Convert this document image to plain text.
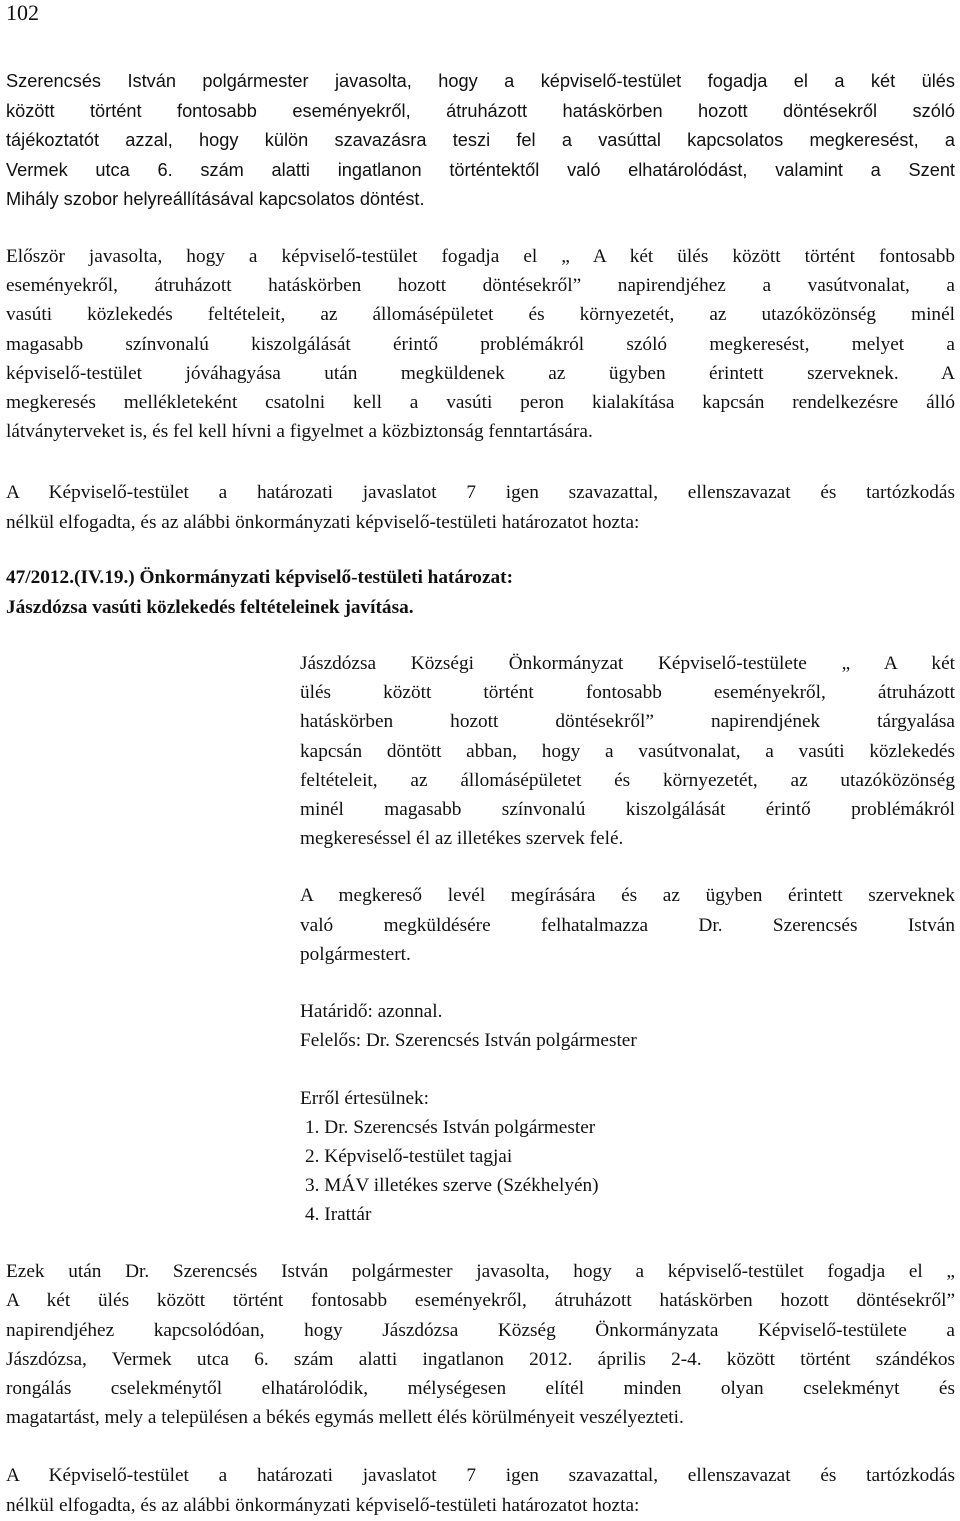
102
Szerencsés István polgármester javasolta, hogy a képviselő-testület fogadja el a két ülés
között történt fontosabb eseményekről, átruházott hatáskörben hozott döntésekről szóló
tájékoztatót azzal, hogy külön szavazásra teszi fel a vasúttal kapcsolatos megkeresést, a
Vermek utca 6. szám alatti ingatlanon történtektől való elhatárolódást, valamint a Szent
Mihály szobor helyreállításával kapcsolatos döntést.
Először javasolta, hogy a képviselő-testület fogadja el „ A két ülés között történt fontosabb
eseményekről, átruházott hatáskörben hozott döntésekről” napirendjéhez a vasútvonalat, a
vasúti közlekedés feltételeit, az állomásépületet és környezetét, az utazóközönség minél
magasabb színvonalú kiszolgálását érintő problémákról szóló megkeresést, melyet a
képviselő-testület jóváhagyása után megküldenek az ügyben érintett szerveknek. A
megkeresés mellékleteként csatolni kell a vasúti peron kialakítása kapcsán rendelkezésre álló
látványterveket is, és fel kell hívni a figyelmet a közbiztonság fenntartására.
A Képviselő-testület a határozati javaslatot 7 igen szavazattal, ellenszavazat és tartózkodás
nélkül elfogadta, és az alábbi önkormányzati képviselő-testületi határozatot hozta:
47/2012.(IV.19.) Önkormányzati képviselő-testületi határozat:
Jászdózsa vasúti közlekedés feltételeinek javítása.
Jászdózsa Községi Önkormányzat Képviselő-testülete „ A két
ülés között történt fontosabb eseményekről, átruházott
hatáskörben hozott döntésekről” napirendjének tárgyalása
kapcsán döntött abban, hogy a vasútvonalat, a vasúti közlekedés
feltételeit, az állomásépületet és környezetét, az utazóközönség
minél magasabb színvonalú kiszolgálását érintő problémákról
megkereséssel él az illetékes szervek felé.
A megkereső levél megírására és az ügyben érintett szerveknek
való megküldésére felhatalmazza Dr. Szerencsés István
polgármestert.
Határidő: azonnal.
Felelős: Dr. Szerencsés István polgármester
Erről értesülnek:
1. Dr. Szerencsés István polgármester
2. Képviselő-testület tagjai
3. MÁV illetékes szerve (Székhelyén)
4. Irattár
Ezek után Dr. Szerencsés István polgármester javasolta, hogy a képviselő-testület fogadja el „
A két ülés között történt fontosabb eseményekről, átruházott hatáskörben hozott döntésekről”
napirendjéhez kapcsolódóan, hogy Jászdózsa Község Önkormányzata Képviselő-testülete a
Jászdózsa, Vermek utca 6. szám alatti ingatlanon 2012. április 2-4. között történt szándékos
rongálás cselekménytől elhatárolódik, mélységesen elítél minden olyan cselekményt és
magatartást, mely a településen a békés egymás mellett élés körülményeit veszélyezteti.
A Képviselő-testület a határozati javaslatot 7 igen szavazattal, ellenszavazat és tartózkodás
nélkül elfogadta, és az alábbi önkormányzati képviselő-testületi határozatot hozta:
